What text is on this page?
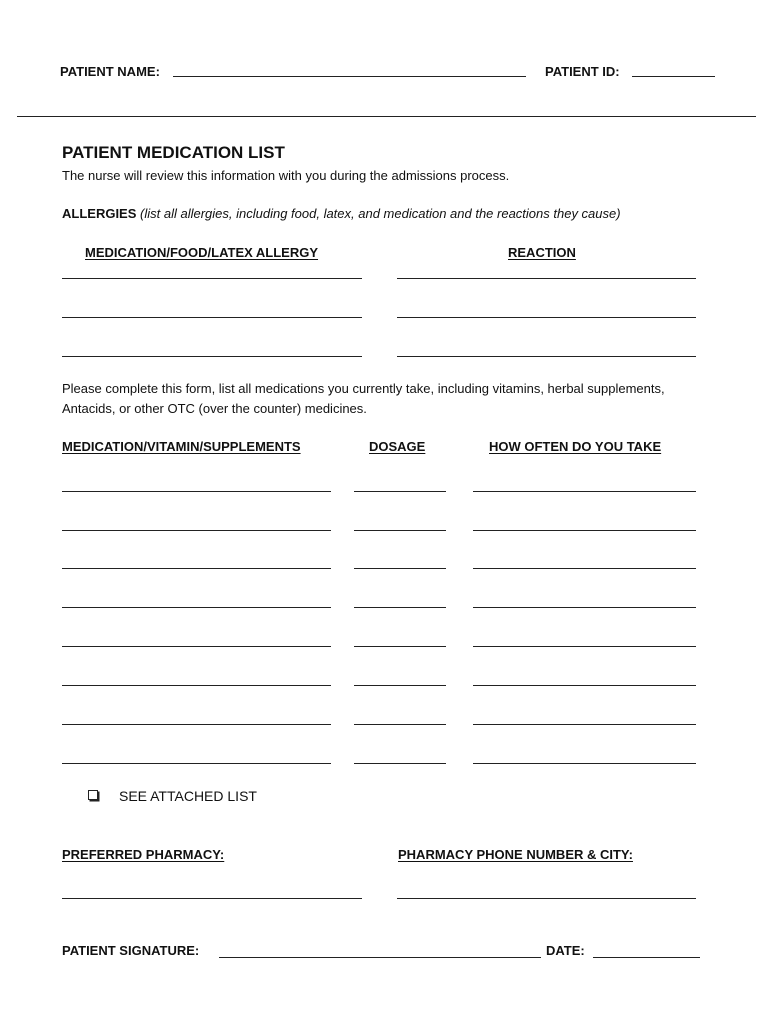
PATIENT NAME:	PATIENT ID:
PATIENT MEDICATION LIST
The nurse will review this information with you during the admissions process.
ALLERGIES (list all allergies, including food, latex, and medication and the reactions they cause)
MEDICATION/FOOD/LATEX ALLERGY	REACTION
Please complete this form, list all medications you currently take, including vitamins, herbal supplements,
Antacids, or other OTC (over the counter) medicines.
MEDICATION/VITAMIN/SUPPLEMENTS	DOSAGE	HOW OFTEN DO YOU TAKE
SEE ATTACHED LIST
PREFERRED PHARMACY:	PHARMACY PHONE NUMBER & CITY:
PATIENT SIGNATURE:	DATE:
